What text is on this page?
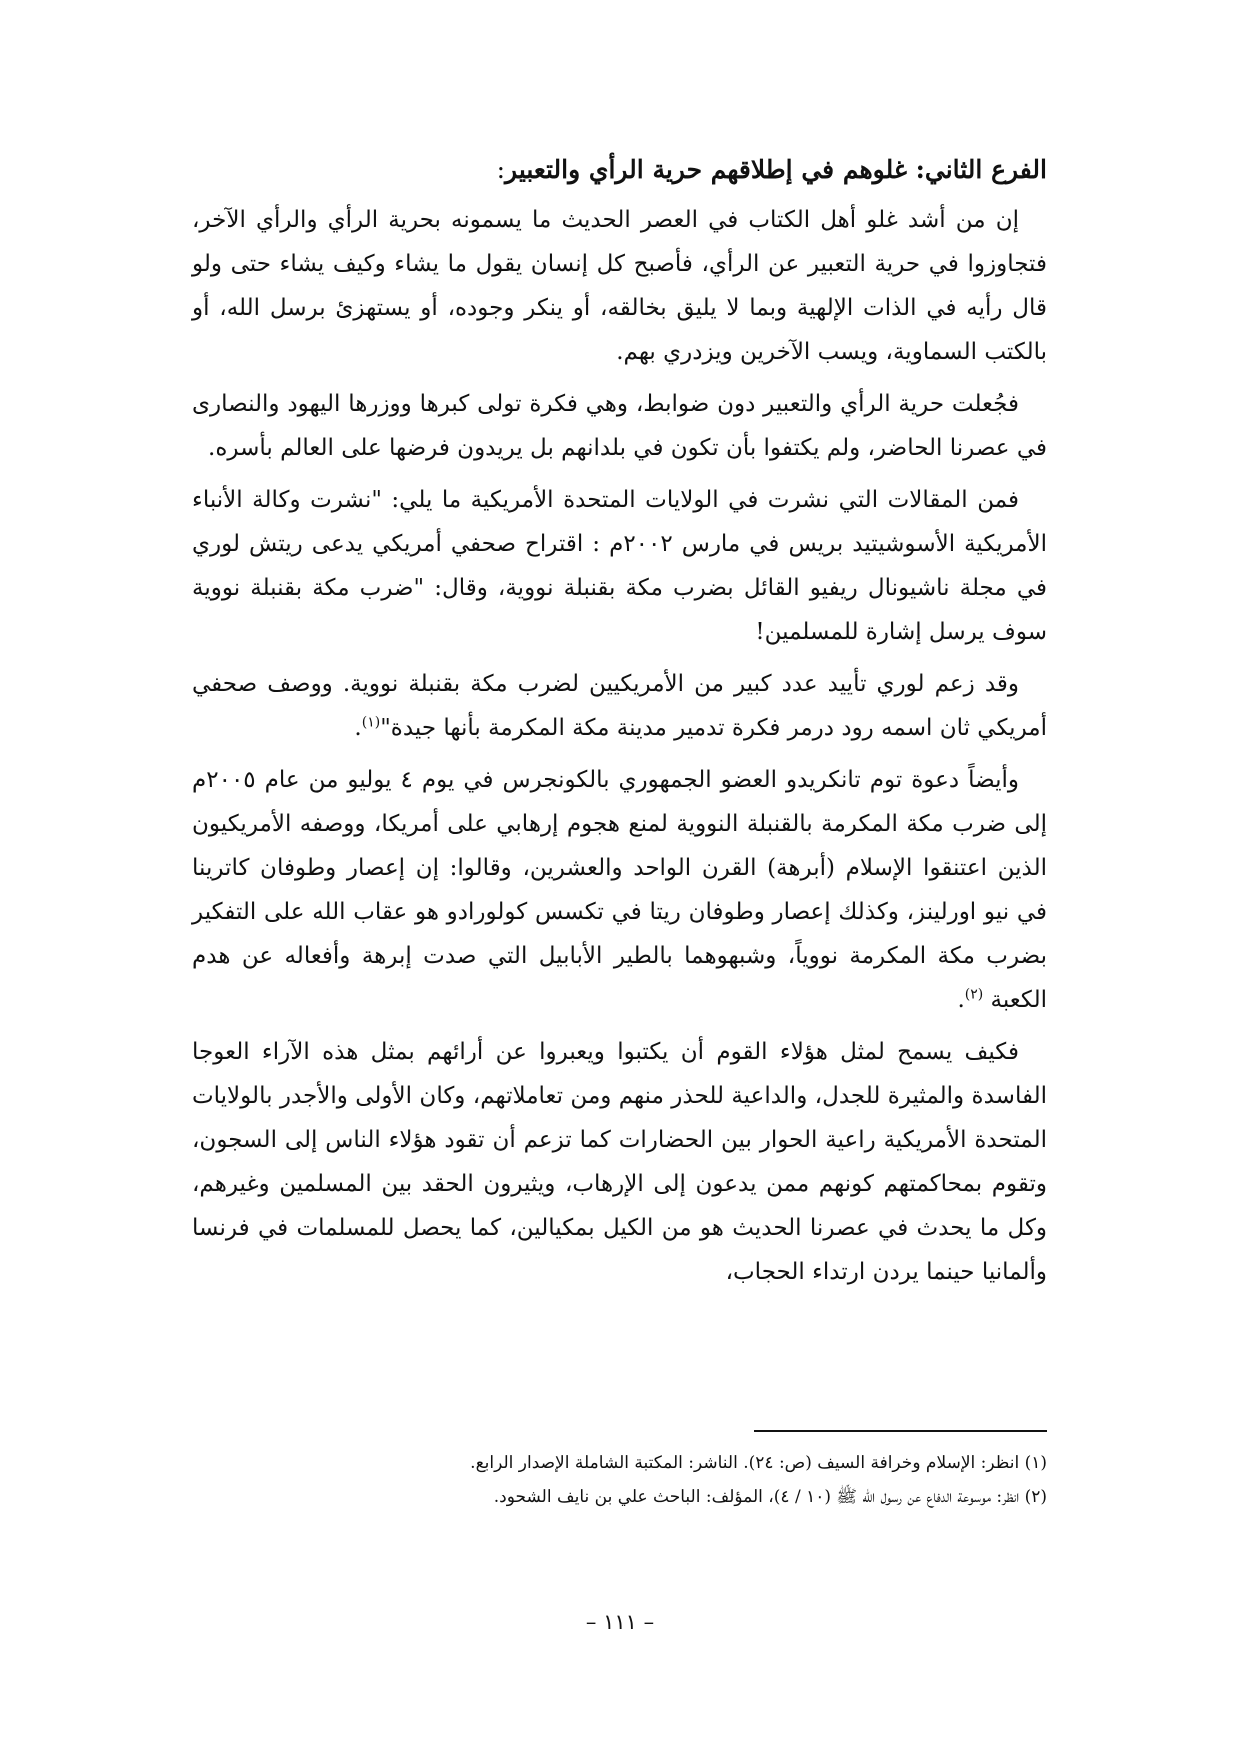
الفرع الثاني: غلوهم في إطلاقهم حرية الرأي والتعبير:

إن من أشد غلو أهل الكتاب في العصر الحديث ما يسمونه بحرية الرأي والرأي الآخر، فتجاوزوا في حرية التعبير عن الرأي، فأصبح كل إنسان يقول ما يشاء وكيف يشاء حتى ولو قال رأيه في الذات الإلهية وبما لا يليق بخالقه، أو ينكر وجوده، أو يستهزئ برسل الله، أو بالكتب السماوية، ويسب الآخرين ويزدري بهم.

فجُعلت حرية الرأي والتعبير دون ضوابط، وهي فكرة تولى كبرها ووزرها اليهود والنصارى في عصرنا الحاضر، ولم يكتفوا بأن تكون في بلدانهم بل يريدون فرضها على العالم بأسره.

فمن المقالات التي نشرت في الولايات المتحدة الأمريكية ما يلي: "نشرت وكالة الأنباء الأمريكية الأسوشيتيد بريس في مارس ٢٠٠٢م : اقتراح صحفي أمريكي يدعى ريتش لوري في مجلة ناشيونال ريفيو القائل بضرب مكة بقنبلة نووية، وقال: "ضرب مكة بقنبلة نووية سوف يرسل إشارة للمسلمين!

وقد زعم لوري تأييد عدد كبير من الأمريكيين لضرب مكة بقنبلة نووية. ووصف صحفي أمريكي ثان اسمه رود درمر فكرة تدمير مدينة مكة المكرمة بأنها جيدة"$^{(١)}$.

وأيضاً دعوة توم تانكريدو العضو الجمهوري بالكونجرس في يوم ٤ يوليو من عام ٢٠٠٥م إلى ضرب مكة المكرمة بالقنبلة النووية لمنع هجوم إرهابي على أمريكا، ووصفه الأمريكيون الذين اعتنقوا الإسلام (أبرهة) القرن الواحد والعشرين، وقالوا: إن إعصار وطوفان كاترينا في نيو اورلينز، وكذلك إعصار وطوفان ريتا في تكسس كولورادو هو عقاب الله على التفكير بضرب مكة المكرمة نووياً، وشبهوهما بالطير الأبابيل التي صدت إبرهة وأفعاله عن هدم الكعبة $^{(٢)}$.

فكيف يسمح لمثل هؤلاء القوم أن يكتبوا ويعبروا عن أرائهم بمثل هذه الآراء العوجا الفاسدة والمثيرة للجدل، والداعية للحذر منهم ومن تعاملاتهم، وكان الأولى والأجدر بالولايات المتحدة الأمريكية راعية الحوار بين الحضارات كما تزعم أن تقود هؤلاء الناس إلى السجون، وتقوم بمحاكمتهم كونهم ممن يدعون إلى الإرهاب، ويثيرون الحقد بين المسلمين وغيرهم، وكل ما يحدث في عصرنا الحديث هو من الكيل بمكيالين، كما يحصل للمسلمات في فرنسا وألمانيا حينما يردن ارتداء الحجاب،

(١) انظر: الإسلام وخرافة السيف (ص: ٢٤). الناشر: المكتبة الشاملة الإصدار الرابع.

(٢) انظر: موسوعة الدفاع عن رسول الله ﷺ (١٠ / ٤)، المؤلف: الباحث علي بن نايف الشحود.

– ١١١ –
